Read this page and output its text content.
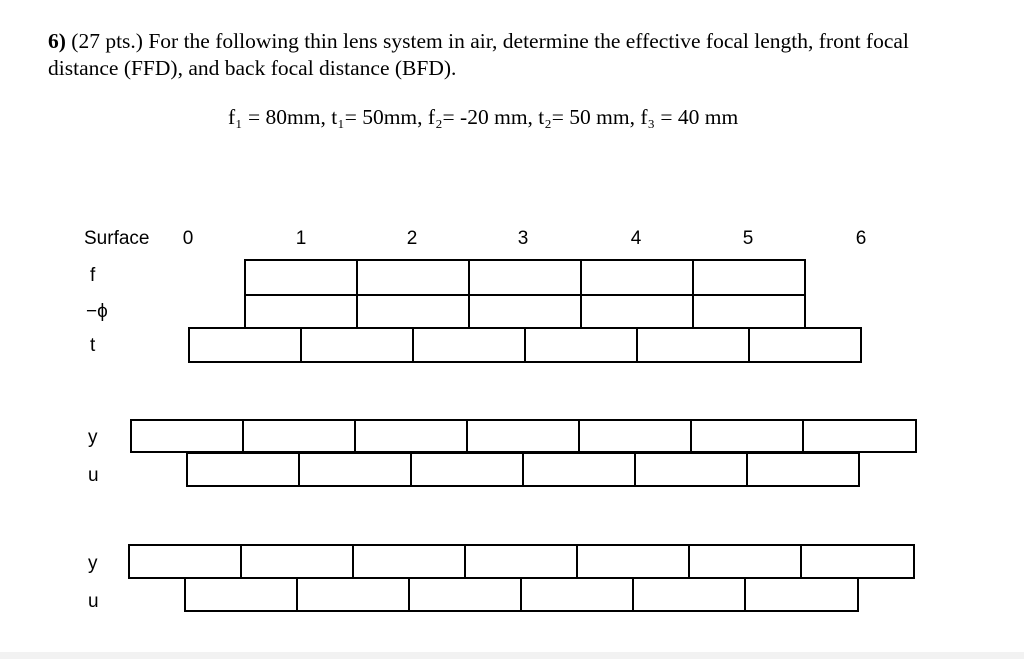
6) (27 pts.) For the following thin lens system in air, determine the effective focal length, front focal distance (FFD), and back focal distance (BFD).

f₁ = 80mm, t₁= 50mm, f₂= -20 mm, t₂= 50 mm, f₃ = 40 mm
Surface	0	1	2	3	4	5	6
f
−ϕ
t
y
u
y
u
